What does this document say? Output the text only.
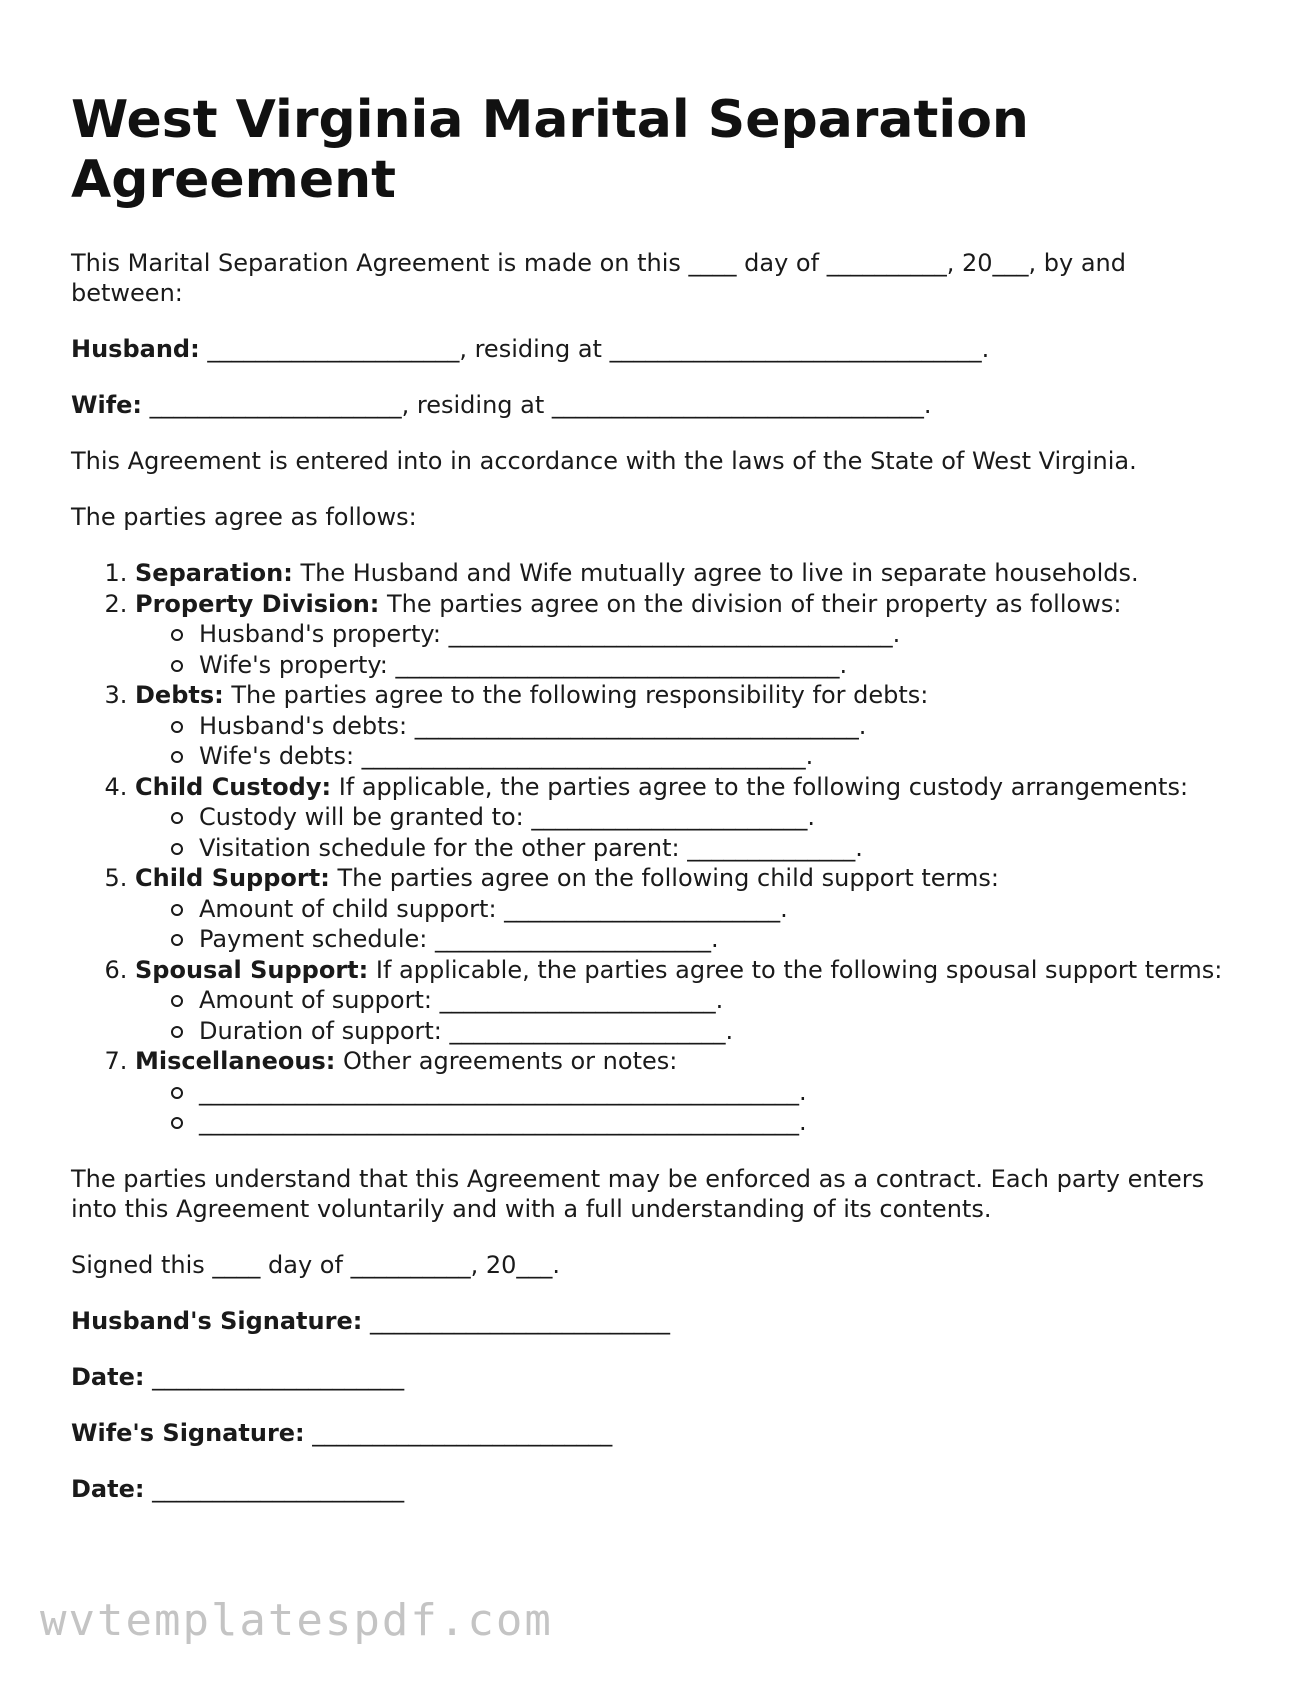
West Virginia Marital Separation Agreement

This Marital Separation Agreement is made on this ____ day of __________, 20___, by and between:

Husband: _____________________, residing at _______________________________.

Wife: _____________________, residing at _______________________________.

This Agreement is entered into in accordance with the laws of the State of West Virginia.

The parties agree as follows:

1. Separation: The Husband and Wife mutually agree to live in separate households.
2. Property Division: The parties agree on the division of their property as follows:
Husband's property: _____________________________________.
Wife's property: _____________________________________.
3. Debts: The parties agree to the following responsibility for debts:
Husband's debts: _____________________________________.
Wife's debts: _____________________________________.
4. Child Custody: If applicable, the parties agree to the following custody arrangements:
Custody will be granted to: _______________________.
Visitation schedule for the other parent: ______________.
5. Child Support: The parties agree on the following child support terms:
Amount of child support: _______________________.
Payment schedule: _______________________.
6. Spousal Support: If applicable, the parties agree to the following spousal support terms:
Amount of support: _______________________.
Duration of support: _______________________.
7. Miscellaneous: Other agreements or notes:
__________________________________________________.
__________________________________________________.

The parties understand that this Agreement may be enforced as a contract. Each party enters into this Agreement voluntarily and with a full understanding of its contents.

Signed this ____ day of __________, 20___.

Husband's Signature: _________________________

Date: _____________________

Wife's Signature: _________________________

Date: _____________________

wvtemplatespdf.com
